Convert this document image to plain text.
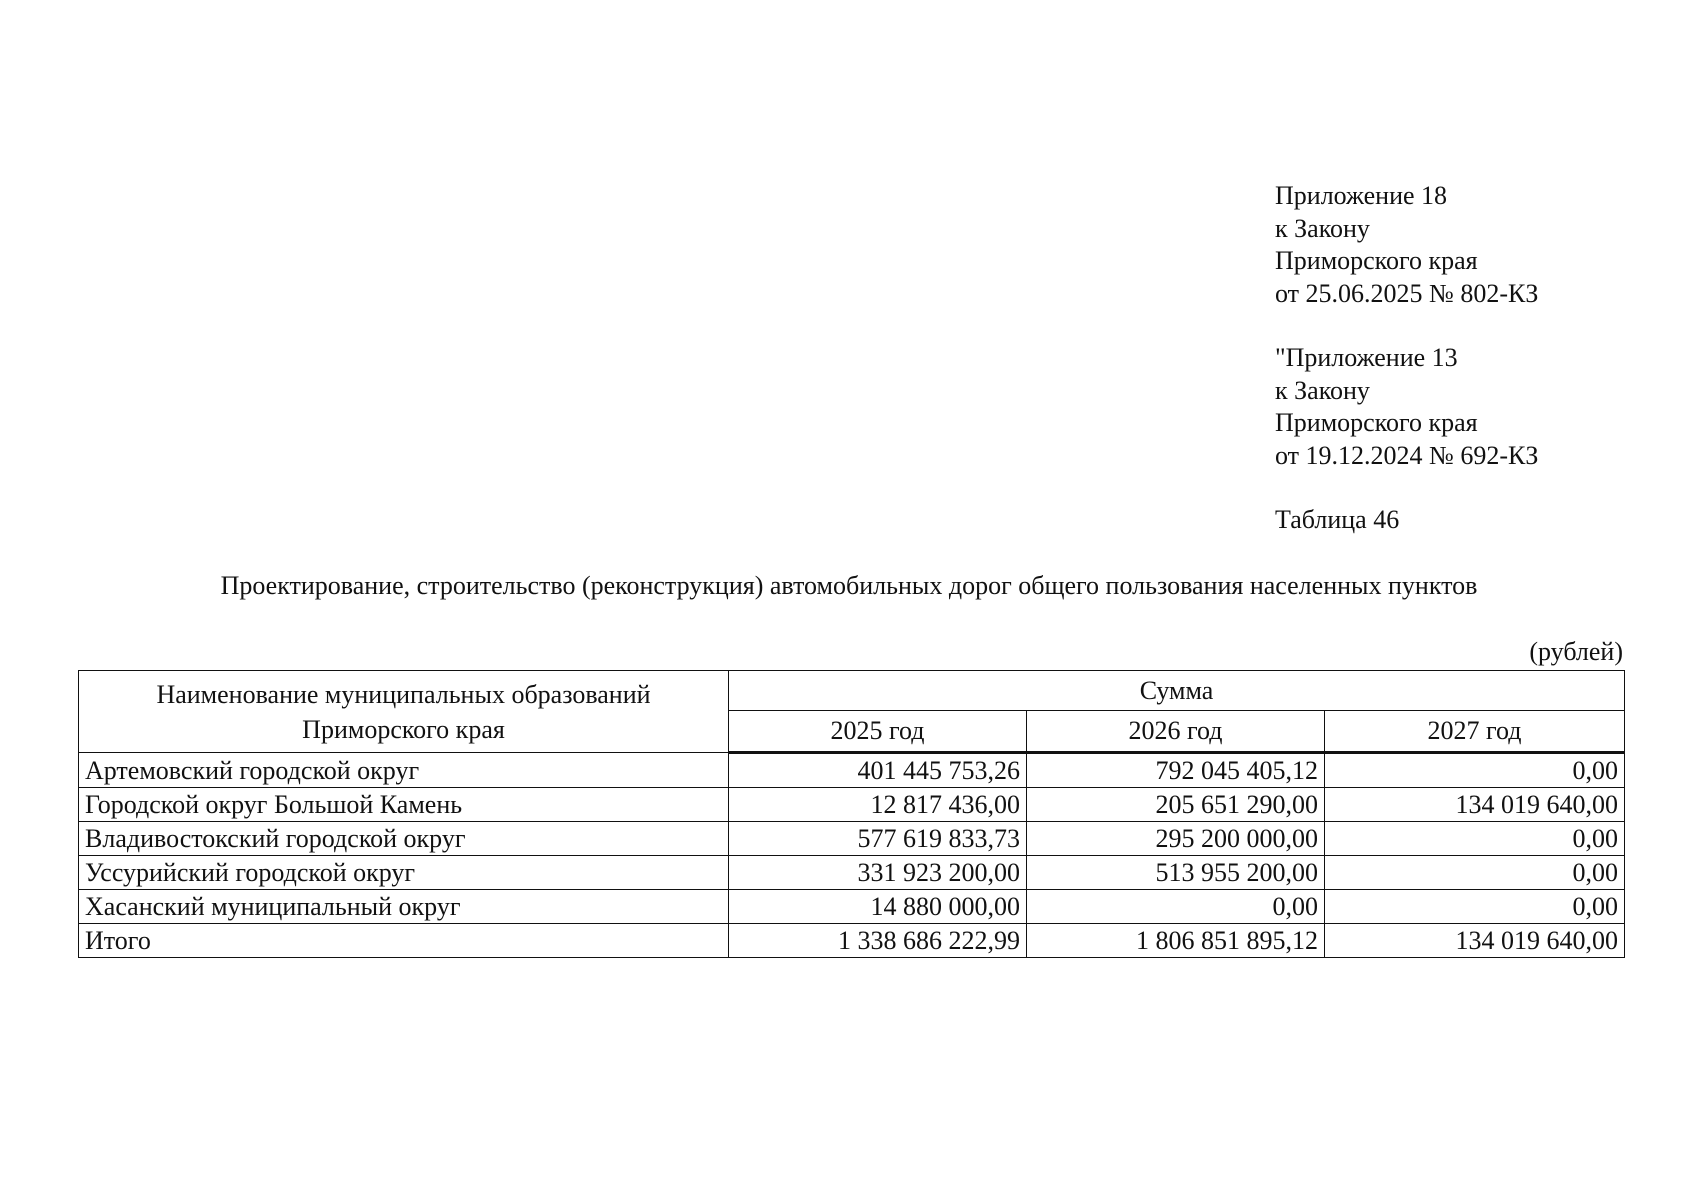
Приложение 18

к Закону

Приморского края

от 25.06.2025 № 802-КЗ

"Приложение 13

к Закону

Приморского края

от 19.12.2024 № 692-КЗ

Таблица 46

Проектирование, строительство (реконструкция) автомобильных дорог общего пользования населенных пунктов
(рублей)
Наименование муниципальных образований
Приморского края	Сумма		
	2025 год	2026 год	2027 год
Артемовский городской округ	401 445 753,26	792 045 405,12	0,00
Городской округ Большой Камень	12 817 436,00	205 651 290,00	134 019 640,00
Владивостокский городской округ	577 619 833,73	295 200 000,00	0,00
Уссурийский городской округ	331 923 200,00	513 955 200,00	0,00
Хасанский муниципальный округ	14 880 000,00	0,00	0,00
Итого	1 338 686 222,99	1 806 851 895,12	134 019 640,00
